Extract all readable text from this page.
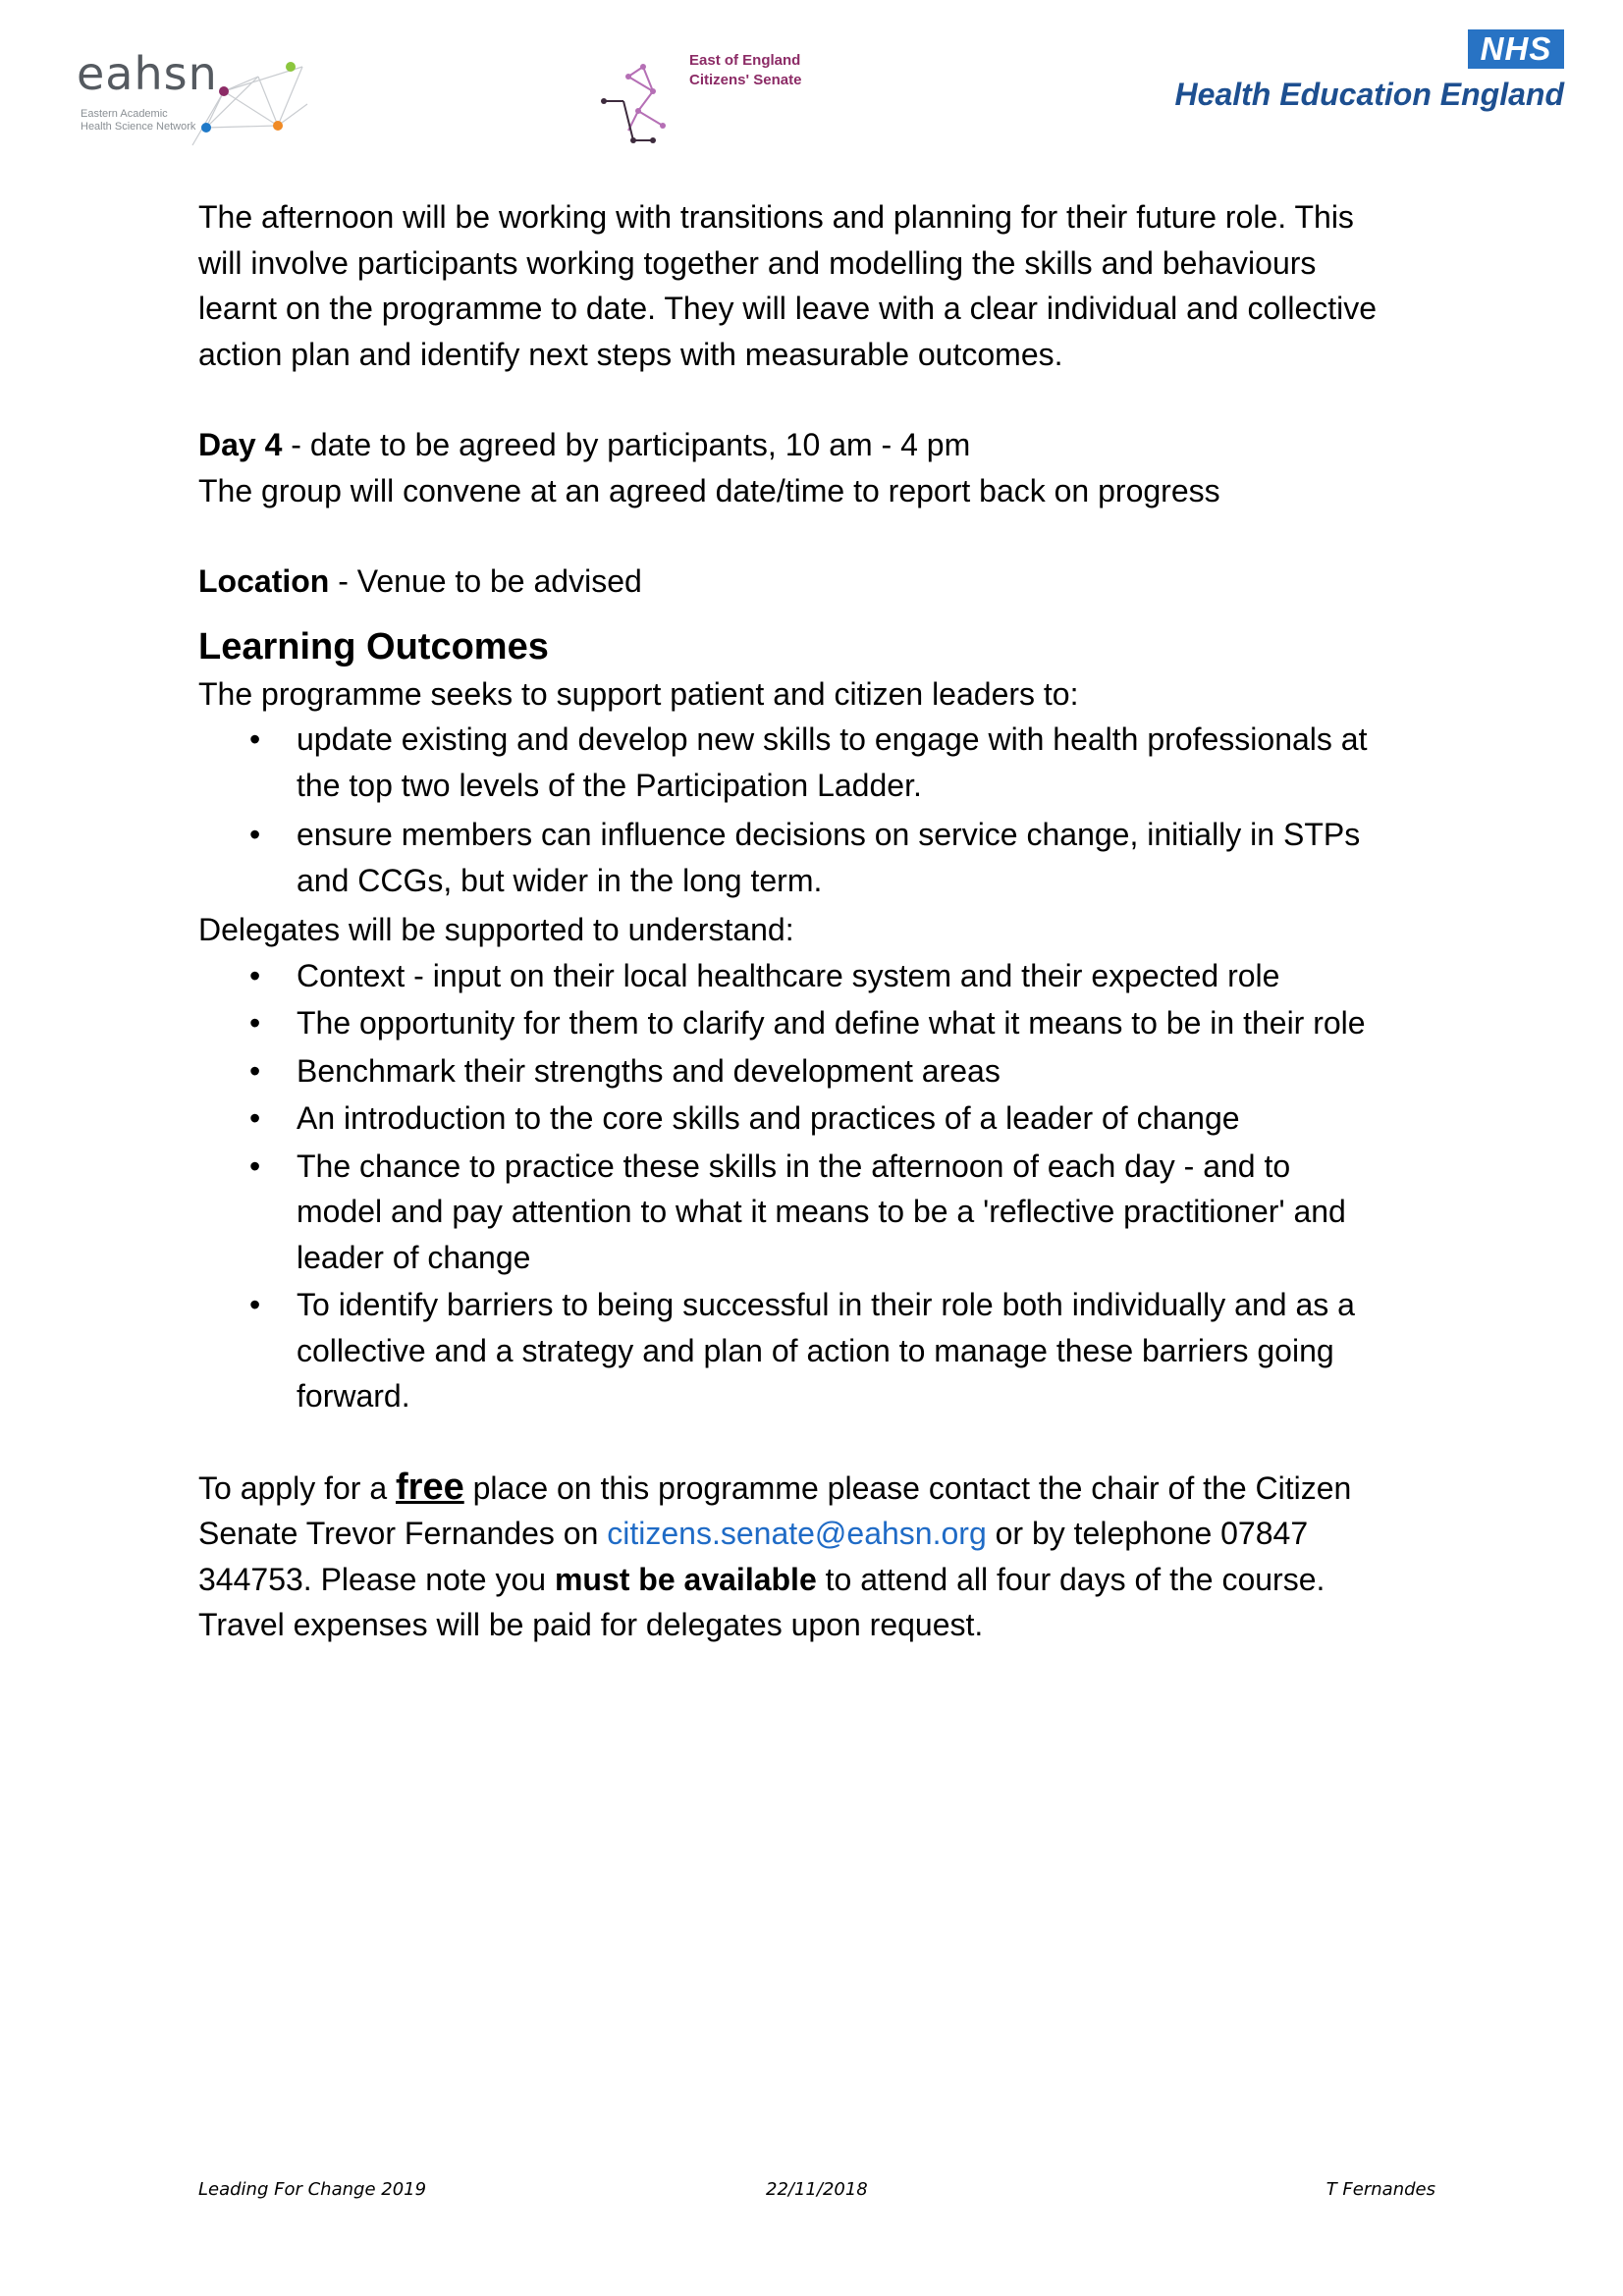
eahsn
Eastern Academic
Health Science Network
East of England
Citizens' Senate
NHS
Health Education England

The afternoon will be working with transitions and planning for their future role. This
will involve participants working together and modelling the skills and behaviours
learnt on the programme to date. They will leave with a clear individual and collective
action plan and identify next steps with measurable outcomes.

Day 4 - date to be agreed by participants, 10 am - 4 pm
The group will convene at an agreed date/time to report back on progress

Location - Venue to be advised

Learning Outcomes

The programme seeks to support patient and citizen leaders to:

• update existing and develop new skills to engage with health professionals at
the top two levels of the Participation Ladder.
• ensure members can influence decisions on service change, initially in STPs
and CCGs, but wider in the long term.

Delegates will be supported to understand:

• Context - input on their local healthcare system and their expected role
• The opportunity for them to clarify and define what it means to be in their role
• Benchmark their strengths and development areas
• An introduction to the core skills and practices of a leader of change
• The chance to practice these skills in the afternoon of each day - and to
model and pay attention to what it means to be a 'reflective practitioner' and
leader of change
• To identify barriers to being successful in their role both individually and as a
collective and a strategy and plan of action to manage these barriers going
forward.

To apply for a free place on this programme please contact the chair of the Citizen
Senate Trevor Fernandes on citizens.senate@eahsn.org or by telephone 07847
344753. Please note you must be available to attend all four days of the course.
Travel expenses will be paid for delegates upon request.

Leading For Change 2019	22/11/2018	T Fernandes
